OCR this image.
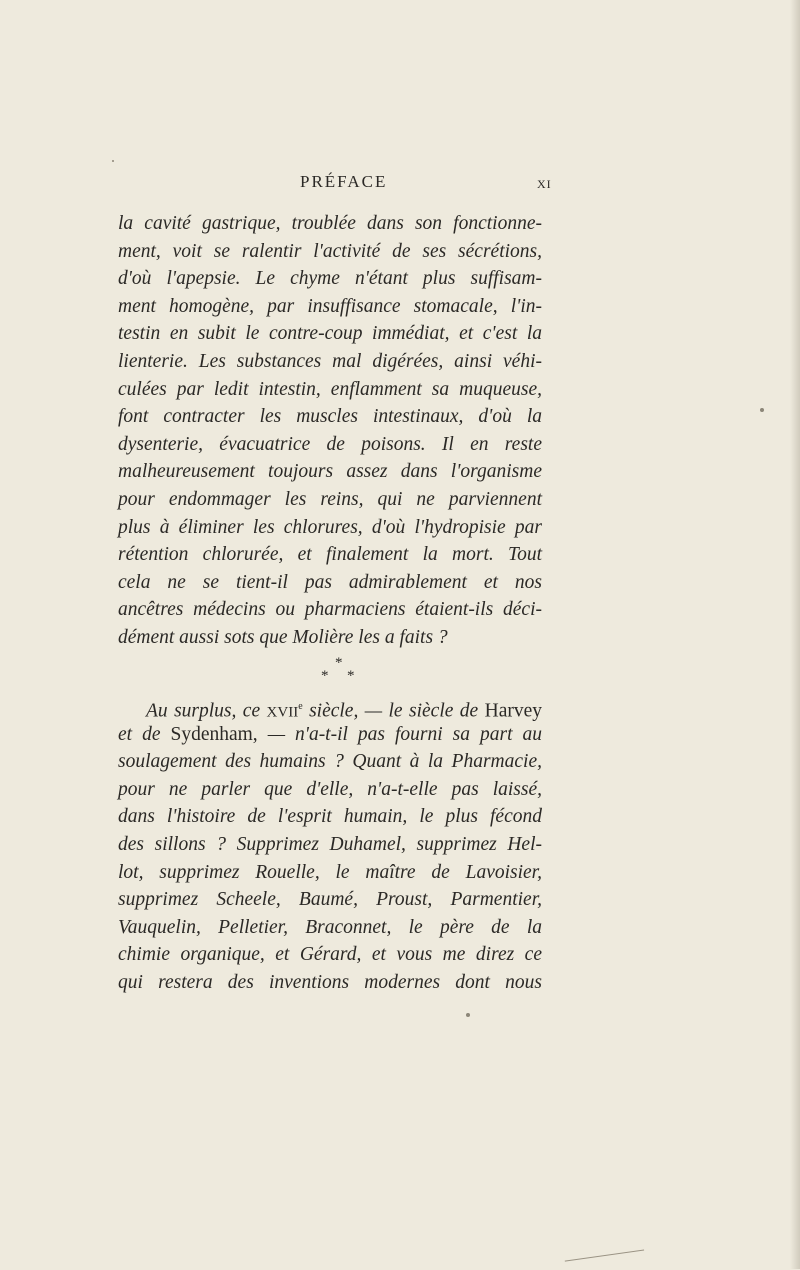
PRÉFACE	XI
la cavité gastrique, troublée dans son fonctionne-
ment, voit se ralentir l'activité de ses sécrétions,
d'où l'apepsie. Le chyme n'étant plus suffisam-
ment homogène, par insuffisance stomacale, l'in-
testin en subit le contre-coup immédiat, et c'est la
lienterie. Les substances mal digérées, ainsi véhi-
culées par ledit intestin, enflamment sa muqueuse,
font contracter les muscles intestinaux, d'où la
dysenterie, évacuatrice de poisons. Il en reste
malheureusement toujours assez dans l'organisme
pour endommager les reins, qui ne parviennent
plus à éliminer les chlorures, d'où l'hydropisie par
rétention chlorurée, et finalement la mort. Tout
cela ne se tient-il pas admirablement et nos
ancêtres médecins ou pharmaciens étaient-ils déci-
dément aussi sots que Molière les a faits ?
*
* *
Au surplus, ce XVIIe siècle, — le siècle de Harvey
et de Sydenham, — n'a-t-il pas fourni sa part au
soulagement des humains ? Quant à la Pharmacie,
pour ne parler que d'elle, n'a-t-elle pas laissé,
dans l'histoire de l'esprit humain, le plus fécond
des sillons ? Supprimez Duhamel, supprimez Hel-
lot, supprimez Rouelle, le maître de Lavoisier,
supprimez Scheele, Baumé, Proust, Parmentier,
Vauquelin, Pelletier, Braconnet, le père de la
chimie organique, et Gérard, et vous me direz ce
qui restera des inventions modernes dont nous
